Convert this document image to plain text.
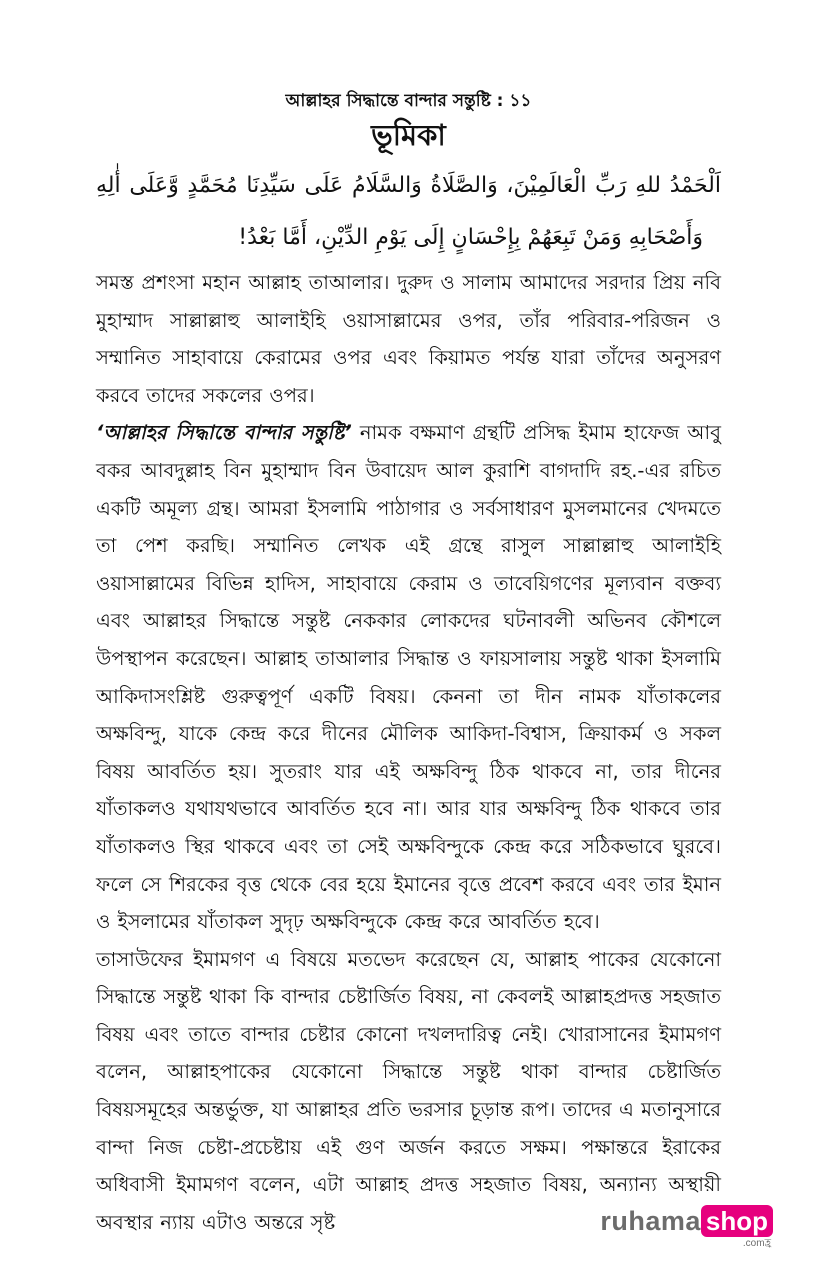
আল্লাহর সিদ্ধান্তে বান্দার সন্তুষ্টি : ১১

ভূমিকা

اَلْحَمْدُ للهِ رَبِّ الْعَالَمِيْنَ، وَالصَّلَاةُ وَالسَّلَامُ عَلَى سَيِّدِنَا مُحَمَّدٍ وَّعَلَى أٰلِهِ

وَأَصْحَابِهِ وَمَنْ تَبِعَهُمْ بِإِحْسَانٍ إِلَى يَوْمِ الدِّيْنِ، أَمَّا بَعْدُ!

সমস্ত প্রশংসা মহান আল্লাহ তাআলার। দুরুদ ও সালাম আমাদের সরদার প্রিয় নবি মুহাম্মাদ সাল্লাল্লাহু আলাইহি ওয়াসাল্লামের ওপর, তাঁর পরিবার-পরিজন ও সম্মানিত সাহাবায়ে কেরামের ওপর এবং কিয়ামত পর্যন্ত যারা তাঁদের অনুসরণ করবে তাদের সকলের ওপর।

‘আল্লাহর সিদ্ধান্তে বান্দার সন্তুষ্টি’ নামক বক্ষমাণ গ্রন্থটি প্রসিদ্ধ ইমাম হাফেজ আবু বকর আবদুল্লাহ বিন মুহাম্মাদ বিন উবায়েদ আল কুরাশি বাগদাদি রহ.-এর রচিত একটি অমূল্য গ্রন্থ। আমরা ইসলামি পাঠাগার ও সর্বসাধারণ মুসলমানের খেদমতে তা পেশ করছি। সম্মানিত লেখক এই গ্রন্থে রাসুল সাল্লাল্লাহু আলাইহি ওয়াসাল্লামের বিভিন্ন হাদিস, সাহাবায়ে কেরাম ও তাবেয়িগণের মূল্যবান বক্তব্য এবং আল্লাহর সিদ্ধান্তে সন্তুষ্ট নেককার লোকদের ঘটনাবলী অভিনব কৌশলে উপস্থাপন করেছেন। আল্লাহ তাআলার সিদ্ধান্ত ও ফায়সালায় সন্তুষ্ট থাকা ইসলামি আকিদাসংশ্লিষ্ট গুরুত্বপূর্ণ একটি বিষয়। কেননা তা দীন নামক যাঁতাকলের অক্ষবিন্দু, যাকে কেন্দ্র করে দীনের মৌলিক আকিদা-বিশ্বাস, ক্রিয়াকর্ম ও সকল বিষয় আবর্তিত হয়। সুতরাং যার এই অক্ষবিন্দু ঠিক থাকবে না, তার দীনের যাঁতাকলও যথাযথভাবে আবর্তিত হবে না। আর যার অক্ষবিন্দু ঠিক থাকবে তার যাঁতাকলও স্থির থাকবে এবং তা সেই অক্ষবিন্দুকে কেন্দ্র করে সঠিকভাবে ঘুরবে। ফলে সে শিরকের বৃত্ত থেকে বের হয়ে ইমানের বৃত্তে প্রবেশ করবে এবং তার ইমান ও ইসলামের যাঁতাকল সুদৃঢ় অক্ষবিন্দুকে কেন্দ্র করে আবর্তিত হবে।

তাসাউফের ইমামগণ এ বিষয়ে মতভেদ করেছেন যে, আল্লাহ পাকের যেকোনো সিদ্ধান্তে সন্তুষ্ট থাকা কি বান্দার চেষ্টার্জিত বিষয়, না কেবলই আল্লাহপ্রদত্ত সহজাত বিষয় এবং তাতে বান্দার চেষ্টার কোনো দখলদারিত্ব নেই। খোরাসানের ইমামগণ বলেন, আল্লাহপাকের যেকোনো সিদ্ধান্তে সন্তুষ্ট থাকা বান্দার চেষ্টার্জিত বিষয়সমূহের অন্তর্ভুক্ত, যা আল্লাহর প্রতি ভরসার চূড়ান্ত রূপ। তাদের এ মতানুসারে বান্দা নিজ চেষ্টা-প্রচেষ্টায় এই গুণ অর্জন করতে সক্ষম। পক্ষান্তরে ইরাকের অধিবাসী ইমামগণ বলেন, এটা আল্লাহ প্রদত্ত সহজাত বিষয়, অন্যান্য অস্থায়ী অবস্থার ন্যায় এটাও অন্তরে সৃষ্ট	ruhama shop
.comহ্র
